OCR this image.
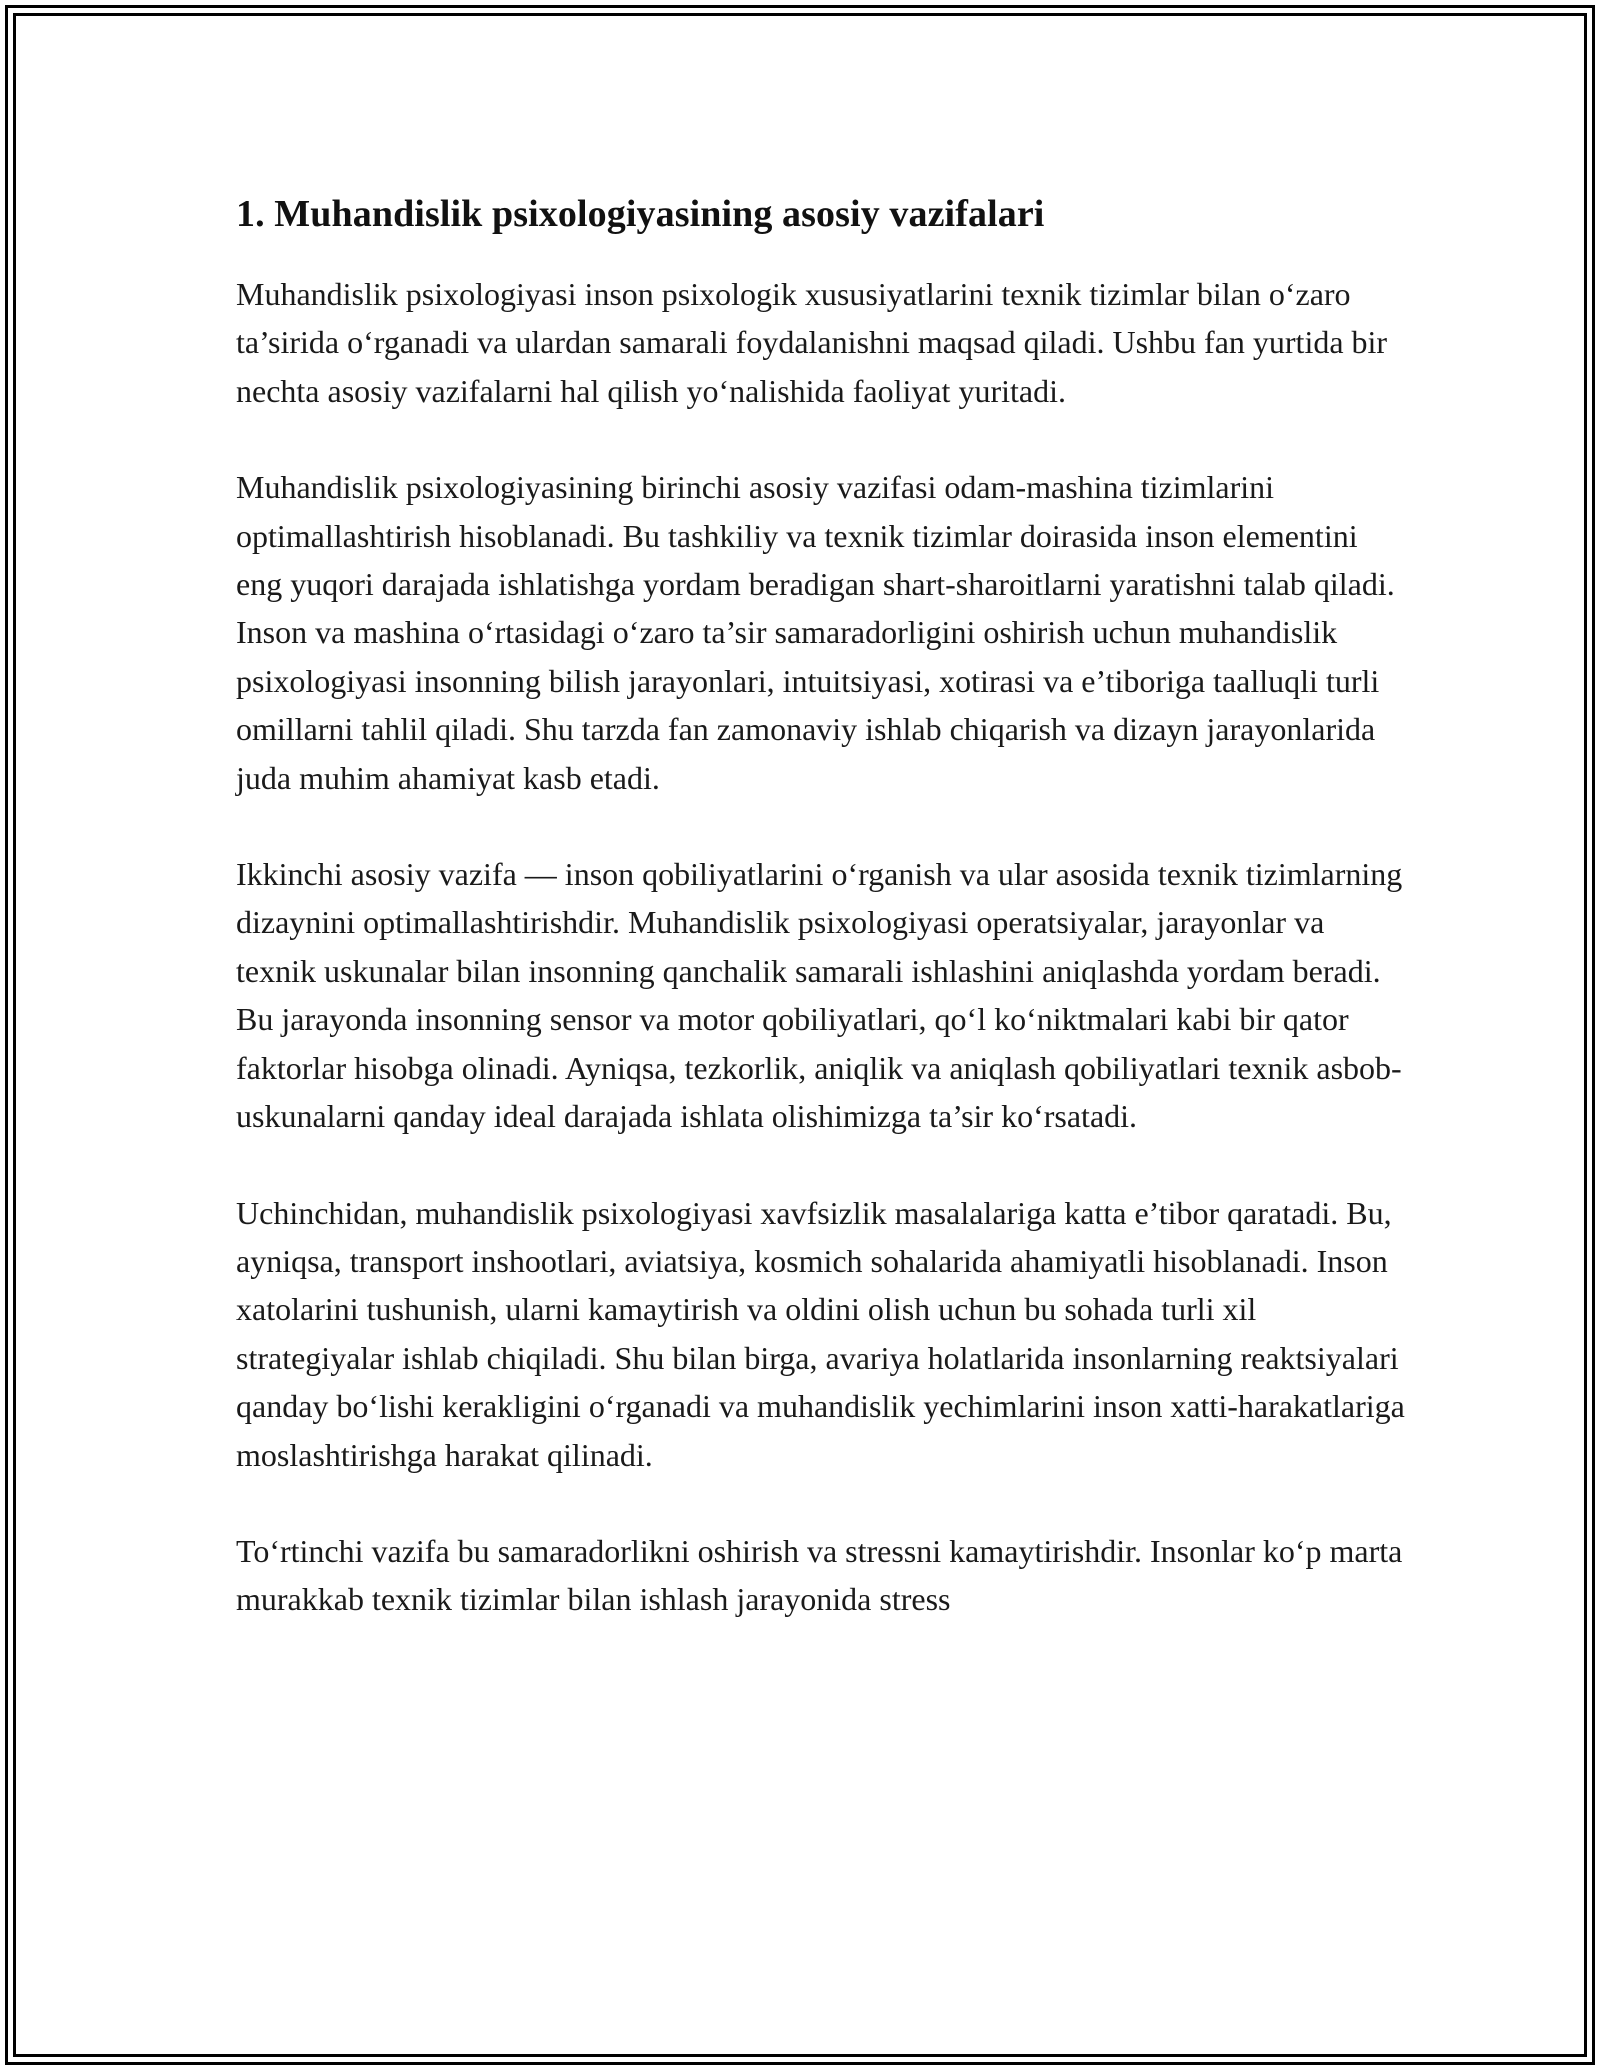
1. Muhandislik psixologiyasining asosiy vazifalari

Muhandislik psixologiyasi inson psixologik xususiyatlarini texnik tizimlar bilan o‘zaro ta’sirida o‘rganadi va ulardan samarali foydalanishni maqsad qiladi. Ushbu fan yurtida bir nechta asosiy vazifalarni hal qilish yo‘nalishida faoliyat yuritadi.

Muhandislik psixologiyasining birinchi asosiy vazifasi odam-mashina tizimlarini optimallashtirish hisoblanadi. Bu tashkiliy va texnik tizimlar doirasida inson elementini eng yuqori darajada ishlatishga yordam beradigan shart-sharoitlarni yaratishni talab qiladi. Inson va mashina o‘rtasidagi o‘zaro ta’sir samaradorligini oshirish uchun muhandislik psixologiyasi insonning bilish jarayonlari, intuitsiyasi, xotirasi va e’tiboriga taalluqli turli omillarni tahlil qiladi. Shu tarzda fan zamonaviy ishlab chiqarish va dizayn jarayonlarida juda muhim ahamiyat kasb etadi.

Ikkinchi asosiy vazifa — inson qobiliyatlarini o‘rganish va ular asosida texnik tizimlarning dizaynini optimallashtirishdir. Muhandislik psixologiyasi operatsiyalar, jarayonlar va texnik uskunalar bilan insonning qanchalik samarali ishlashini aniqlashda yordam beradi. Bu jarayonda insonning sensor va motor qobiliyatlari, qo‘l ko‘niktmalari kabi bir qator faktorlar hisobga olinadi. Ayniqsa, tezkorlik, aniqlik va aniqlash qobiliyatlari texnik asbob-uskunalarni qanday ideal darajada ishlata olishimizga ta’sir ko‘rsatadi.

Uchinchidan, muhandislik psixologiyasi xavfsizlik masalalariga katta e’tibor qaratadi. Bu, ayniqsa, transport inshootlari, aviatsiya, kosmich sohalarida ahamiyatli hisoblanadi. Inson xatolarini tushunish, ularni kamaytirish va oldini olish uchun bu sohada turli xil strategiyalar ishlab chiqiladi. Shu bilan birga, avariya holatlarida insonlarning reaktsiyalari qanday bo‘lishi kerakligini o‘rganadi va muhandislik yechimlarini inson xatti-harakatlariga moslashtirishga harakat qilinadi.

To‘rtinchi vazifa bu samaradorlikni oshirish va stressni kamaytirishdir. Insonlar ko‘p marta murakkab texnik tizimlar bilan ishlash jarayonida stress
